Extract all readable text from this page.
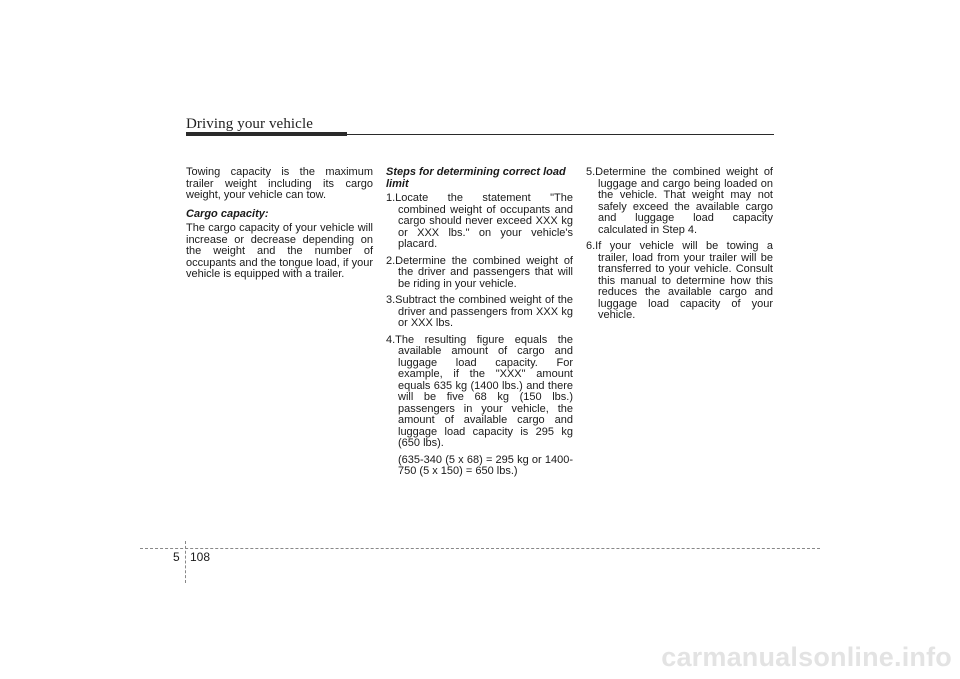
Driving your vehicle

Towing capacity is the maximum trailer weight including its cargo weight, your vehicle can tow.

Cargo capacity:

The cargo capacity of your vehicle will increase or decrease depending on the weight and the number of occupants and the tongue load, if your vehicle is equipped with a trailer.

Steps for determining correct load limit
1.Locate the statement "The combined weight of occupants and cargo should never exceed XXX kg or XXX lbs." on your vehicle's placard.
2.Determine the combined weight of the driver and passengers that will be riding in your vehicle.
3.Subtract the combined weight of the driver and passengers from XXX kg or XXX lbs.
4.The resulting figure equals the available amount of cargo and luggage load capacity. For example, if the "XXX" amount equals 635 kg (1400 lbs.) and there will be five 68 kg (150 lbs.) passengers in your vehicle, the amount of available cargo and luggage load capacity is 295 kg (650 lbs).
(635-340 (5 x 68) = 295 kg or 1400-750 (5 x 150) = 650 lbs.)
5.Determine the combined weight of luggage and cargo being loaded on the vehicle. That weight may not safely exceed the available cargo and luggage load capacity calculated in Step 4.
6.If your vehicle will be towing a trailer, load from your trailer will be transferred to your vehicle. Consult this manual to determine how this reduces the available cargo and luggage load capacity of your vehicle.
5 108
carmanualsonline.info
